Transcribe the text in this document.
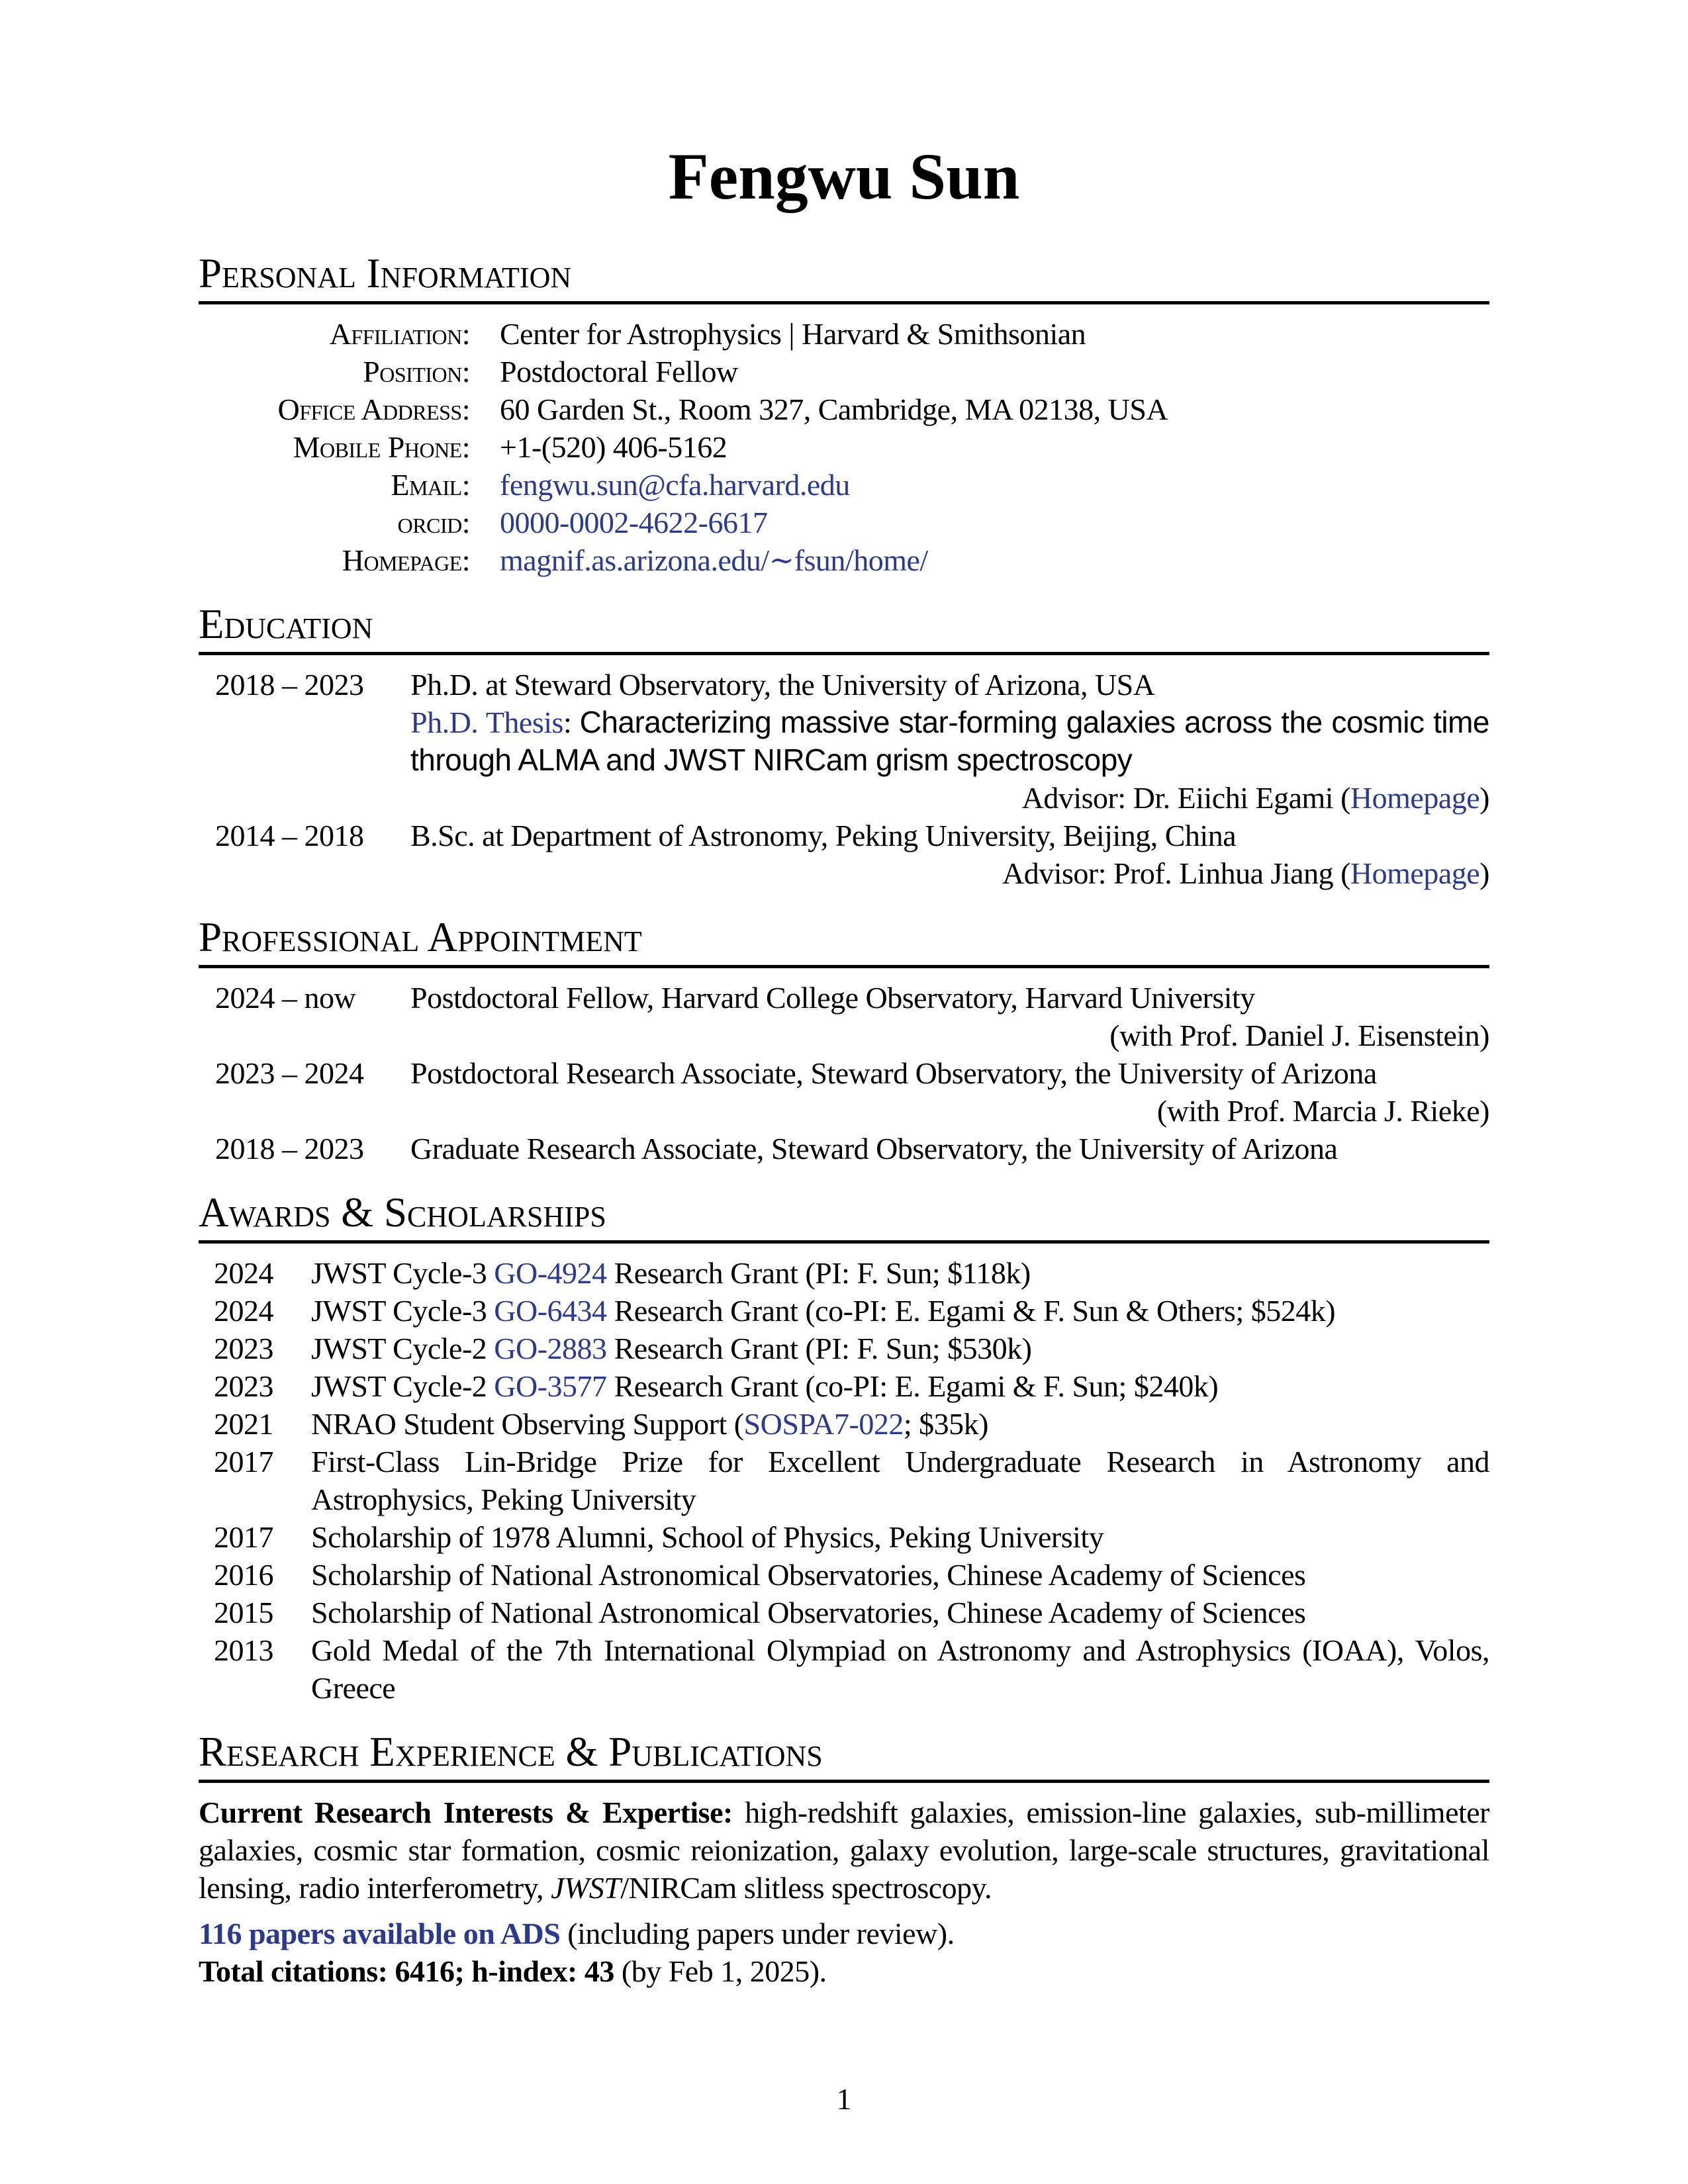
Fengwu Sun
Personal Information
Affiliation: Center for Astrophysics | Harvard & Smithsonian
Position: Postdoctoral Fellow
Office Address: 60 Garden St., Room 327, Cambridge, MA 02138, USA
Mobile Phone: +1-(520) 406-5162
Email: fengwu.sun@cfa.harvard.edu
orcid: 0000-0002-4622-6617
Homepage: magnif.as.arizona.edu/∼fsun/home/
Education
2018 – 2023	Ph.D. at Steward Observatory, the University of Arizona, USA
Ph.D. Thesis: Characterizing massive star-forming galaxies across the cosmic time through ALMA and JWST NIRCam grism spectroscopy
Advisor: Dr. Eiichi Egami (Homepage)
2014 – 2018	B.Sc. at Department of Astronomy, Peking University, Beijing, China
Advisor: Prof. Linhua Jiang (Homepage)
Professional Appointment
2024 – now	Postdoctoral Fellow, Harvard College Observatory, Harvard University
(with Prof. Daniel J. Eisenstein)
2023 – 2024	Postdoctoral Research Associate, Steward Observatory, the University of Arizona
(with Prof. Marcia J. Rieke)
2018 – 2023	Graduate Research Associate, Steward Observatory, the University of Arizona
Awards & Scholarships
2024	JWST Cycle-3 GO-4924 Research Grant (PI: F. Sun; $118k)
2024	JWST Cycle-3 GO-6434 Research Grant (co-PI: E. Egami & F. Sun & Others; $524k)
2023	JWST Cycle-2 GO-2883 Research Grant (PI: F. Sun; $530k)
2023	JWST Cycle-2 GO-3577 Research Grant (co-PI: E. Egami & F. Sun; $240k)
2021	NRAO Student Observing Support (SOSPA7-022; $35k)
2017	First-Class Lin-Bridge Prize for Excellent Undergraduate Research in Astronomy and Astrophysics, Peking University
2017	Scholarship of 1978 Alumni, School of Physics, Peking University
2016	Scholarship of National Astronomical Observatories, Chinese Academy of Sciences
2015	Scholarship of National Astronomical Observatories, Chinese Academy of Sciences
2013	Gold Medal of the 7th International Olympiad on Astronomy and Astrophysics (IOAA), Volos, Greece
Research Experience & Publications
Current Research Interests & Expertise: high-redshift galaxies, emission-line galaxies, sub-millimeter galaxies, cosmic star formation, cosmic reionization, galaxy evolution, large-scale structures, gravitational lensing, radio interferometry, JWST/NIRCam slitless spectroscopy.
116 papers available on ADS (including papers under review).
Total citations: 6416; h-index: 43 (by Feb 1, 2025).
1
